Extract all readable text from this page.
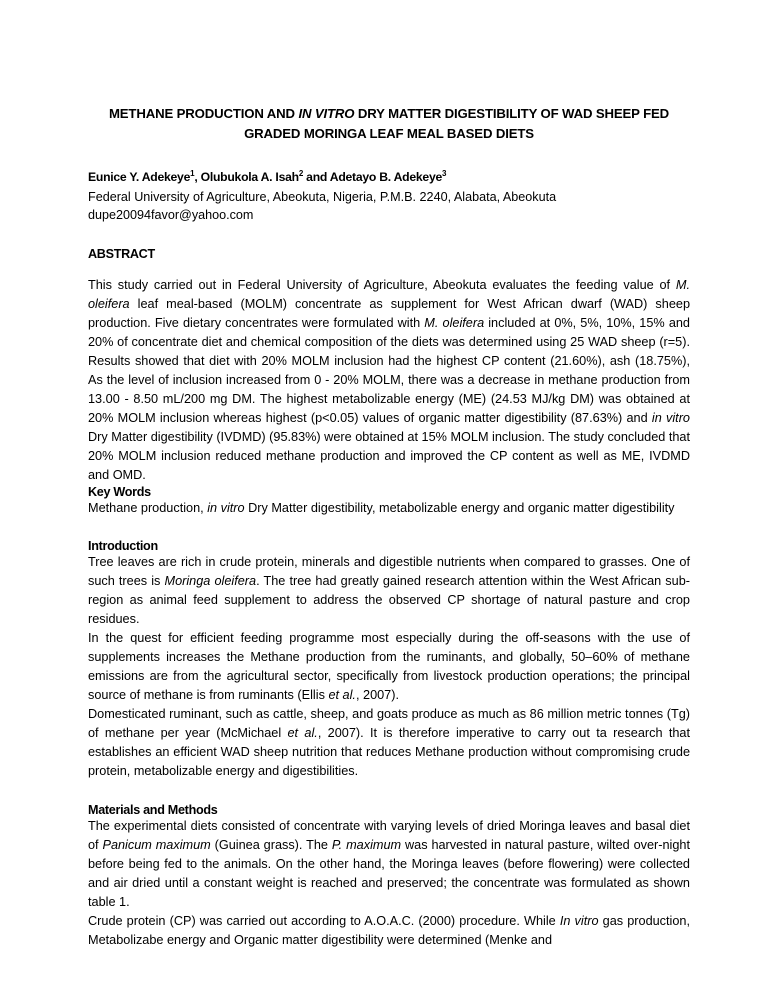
METHANE PRODUCTION AND IN VITRO DRY MATTER DIGESTIBILITY OF WAD SHEEP FED GRADED MORINGA LEAF MEAL BASED DIETS
Eunice Y. Adekeye$^1$, Olubukola A. Isah$^2$ and Adetayo B. Adekeye$^3$
Federal University of Agriculture, Abeokuta, Nigeria, P.M.B. 2240, Alabata, Abeokuta
dupe20094favor@yahoo.com
ABSTRACT

This study carried out in Federal University of Agriculture, Abeokuta evaluates the feeding value of M. oleifera leaf meal-based (MOLM) concentrate as supplement for West African dwarf (WAD) sheep production. Five dietary concentrates were formulated with M. oleifera included at 0%, 5%, 10%, 15% and 20% of concentrate diet and chemical composition of the diets was determined using 25 WAD sheep (r=5). Results showed that diet with 20% MOLM inclusion had the highest CP content (21.60%), ash (18.75%), As the level of inclusion increased from 0 - 20% MOLM, there was a decrease in methane production from 13.00 - 8.50 mL/200 mg DM. The highest metabolizable energy (ME) (24.53 MJ/kg DM) was obtained at 20% MOLM inclusion whereas highest (p<0.05) values of organic matter digestibility (87.63%) and in vitro Dry Matter digestibility (IVDMD) (95.83%) were obtained at 15% MOLM inclusion. The study concluded that 20% MOLM inclusion reduced methane production and improved the CP content as well as ME, IVDMD and OMD.

Key Words

Methane production, in vitro Dry Matter digestibility, metabolizable energy and organic matter digestibility

Introduction

Tree leaves are rich in crude protein, minerals and digestible nutrients when compared to grasses. One of such trees is Moringa oleifera. The tree had greatly gained research attention within the West African sub-region as animal feed supplement to address the observed CP shortage of natural pasture and crop residues.

In the quest for efficient feeding programme most especially during the off-seasons with the use of supplements increases the Methane production from the ruminants, and globally, 50–60% of methane emissions are from the agricultural sector, specifically from livestock production operations; the principal source of methane is from ruminants (Ellis et al., 2007).

Domesticated ruminant, such as cattle, sheep, and goats produce as much as 86 million metric tonnes (Tg) of methane per year (McMichael et al., 2007). It is therefore imperative to carry out ta research that establishes an efficient WAD sheep nutrition that reduces Methane production without compromising crude protein, metabolizable energy and digestibilities.

Materials and Methods

The experimental diets consisted of concentrate with varying levels of dried Moringa leaves and basal diet of Panicum maximum (Guinea grass). The P. maximum was harvested in natural pasture, wilted over-night before being fed to the animals. On the other hand, the Moringa leaves (before flowering) were collected and air dried until a constant weight is reached and preserved; the concentrate was formulated as shown table 1.

Crude protein (CP) was carried out according to A.O.A.C. (2000) procedure. While In vitro gas production, Metabolizabe energy and Organic matter digestibility were determined (Menke and
